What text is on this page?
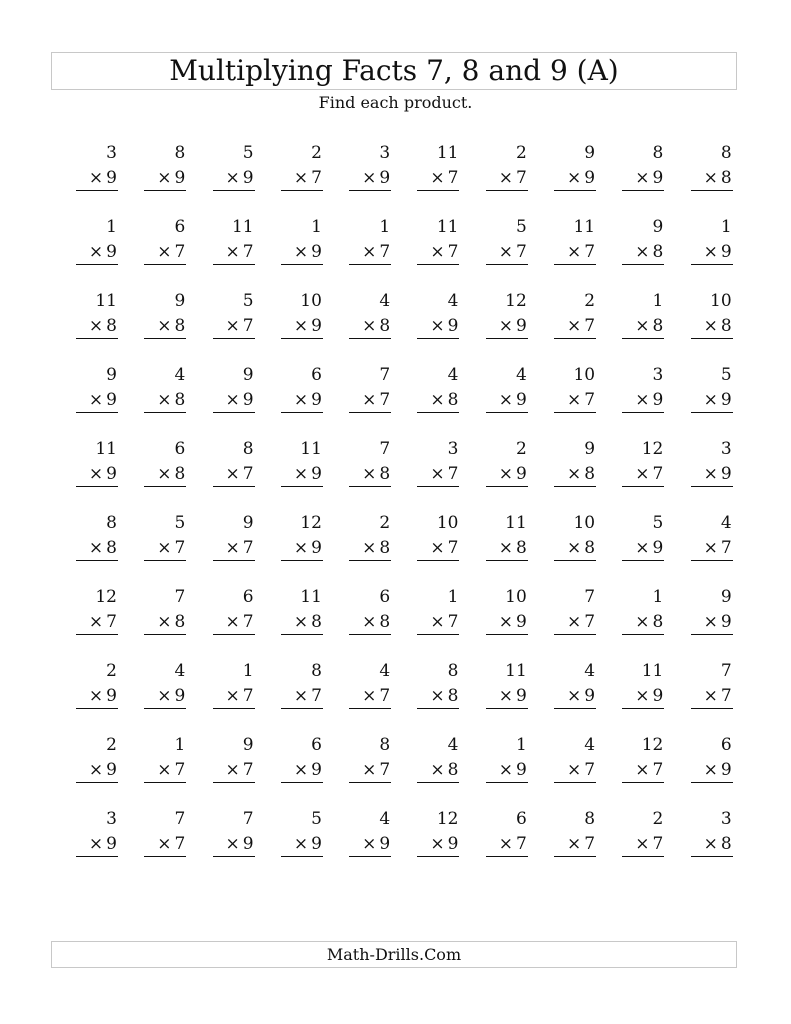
Multiplying Facts 7, 8 and 9 (A)
Find each product.
3
× 9
8
× 9
5
× 9
2
× 7
3
× 9
11
× 7
2
× 7
9
× 9
8
× 9
8
× 8
1
× 9
6
× 7
11
× 7
1
× 9
1
× 7
11
× 7
5
× 7
11
× 7
9
× 8
1
× 9
11
× 8
9
× 8
5
× 7
10
× 9
4
× 8
4
× 9
12
× 9
2
× 7
1
× 8
10
× 8
9
× 9
4
× 8
9
× 9
6
× 9
7
× 7
4
× 8
4
× 9
10
× 7
3
× 9
5
× 9
11
× 9
6
× 8
8
× 7
11
× 9
7
× 8
3
× 7
2
× 9
9
× 8
12
× 7
3
× 9
8
× 8
5
× 7
9
× 7
12
× 9
2
× 8
10
× 7
11
× 8
10
× 8
5
× 9
4
× 7
12
× 7
7
× 8
6
× 7
11
× 8
6
× 8
1
× 7
10
× 9
7
× 7
1
× 8
9
× 9
2
× 9
4
× 9
1
× 7
8
× 7
4
× 7
8
× 8
11
× 9
4
× 9
11
× 9
7
× 7
2
× 9
1
× 7
9
× 7
6
× 9
8
× 7
4
× 8
1
× 9
4
× 7
12
× 7
6
× 9
3
× 9
7
× 7
7
× 9
5
× 9
4
× 9
12
× 9
6
× 7
8
× 7
2
× 7
3
× 8
Math-Drills.Com
